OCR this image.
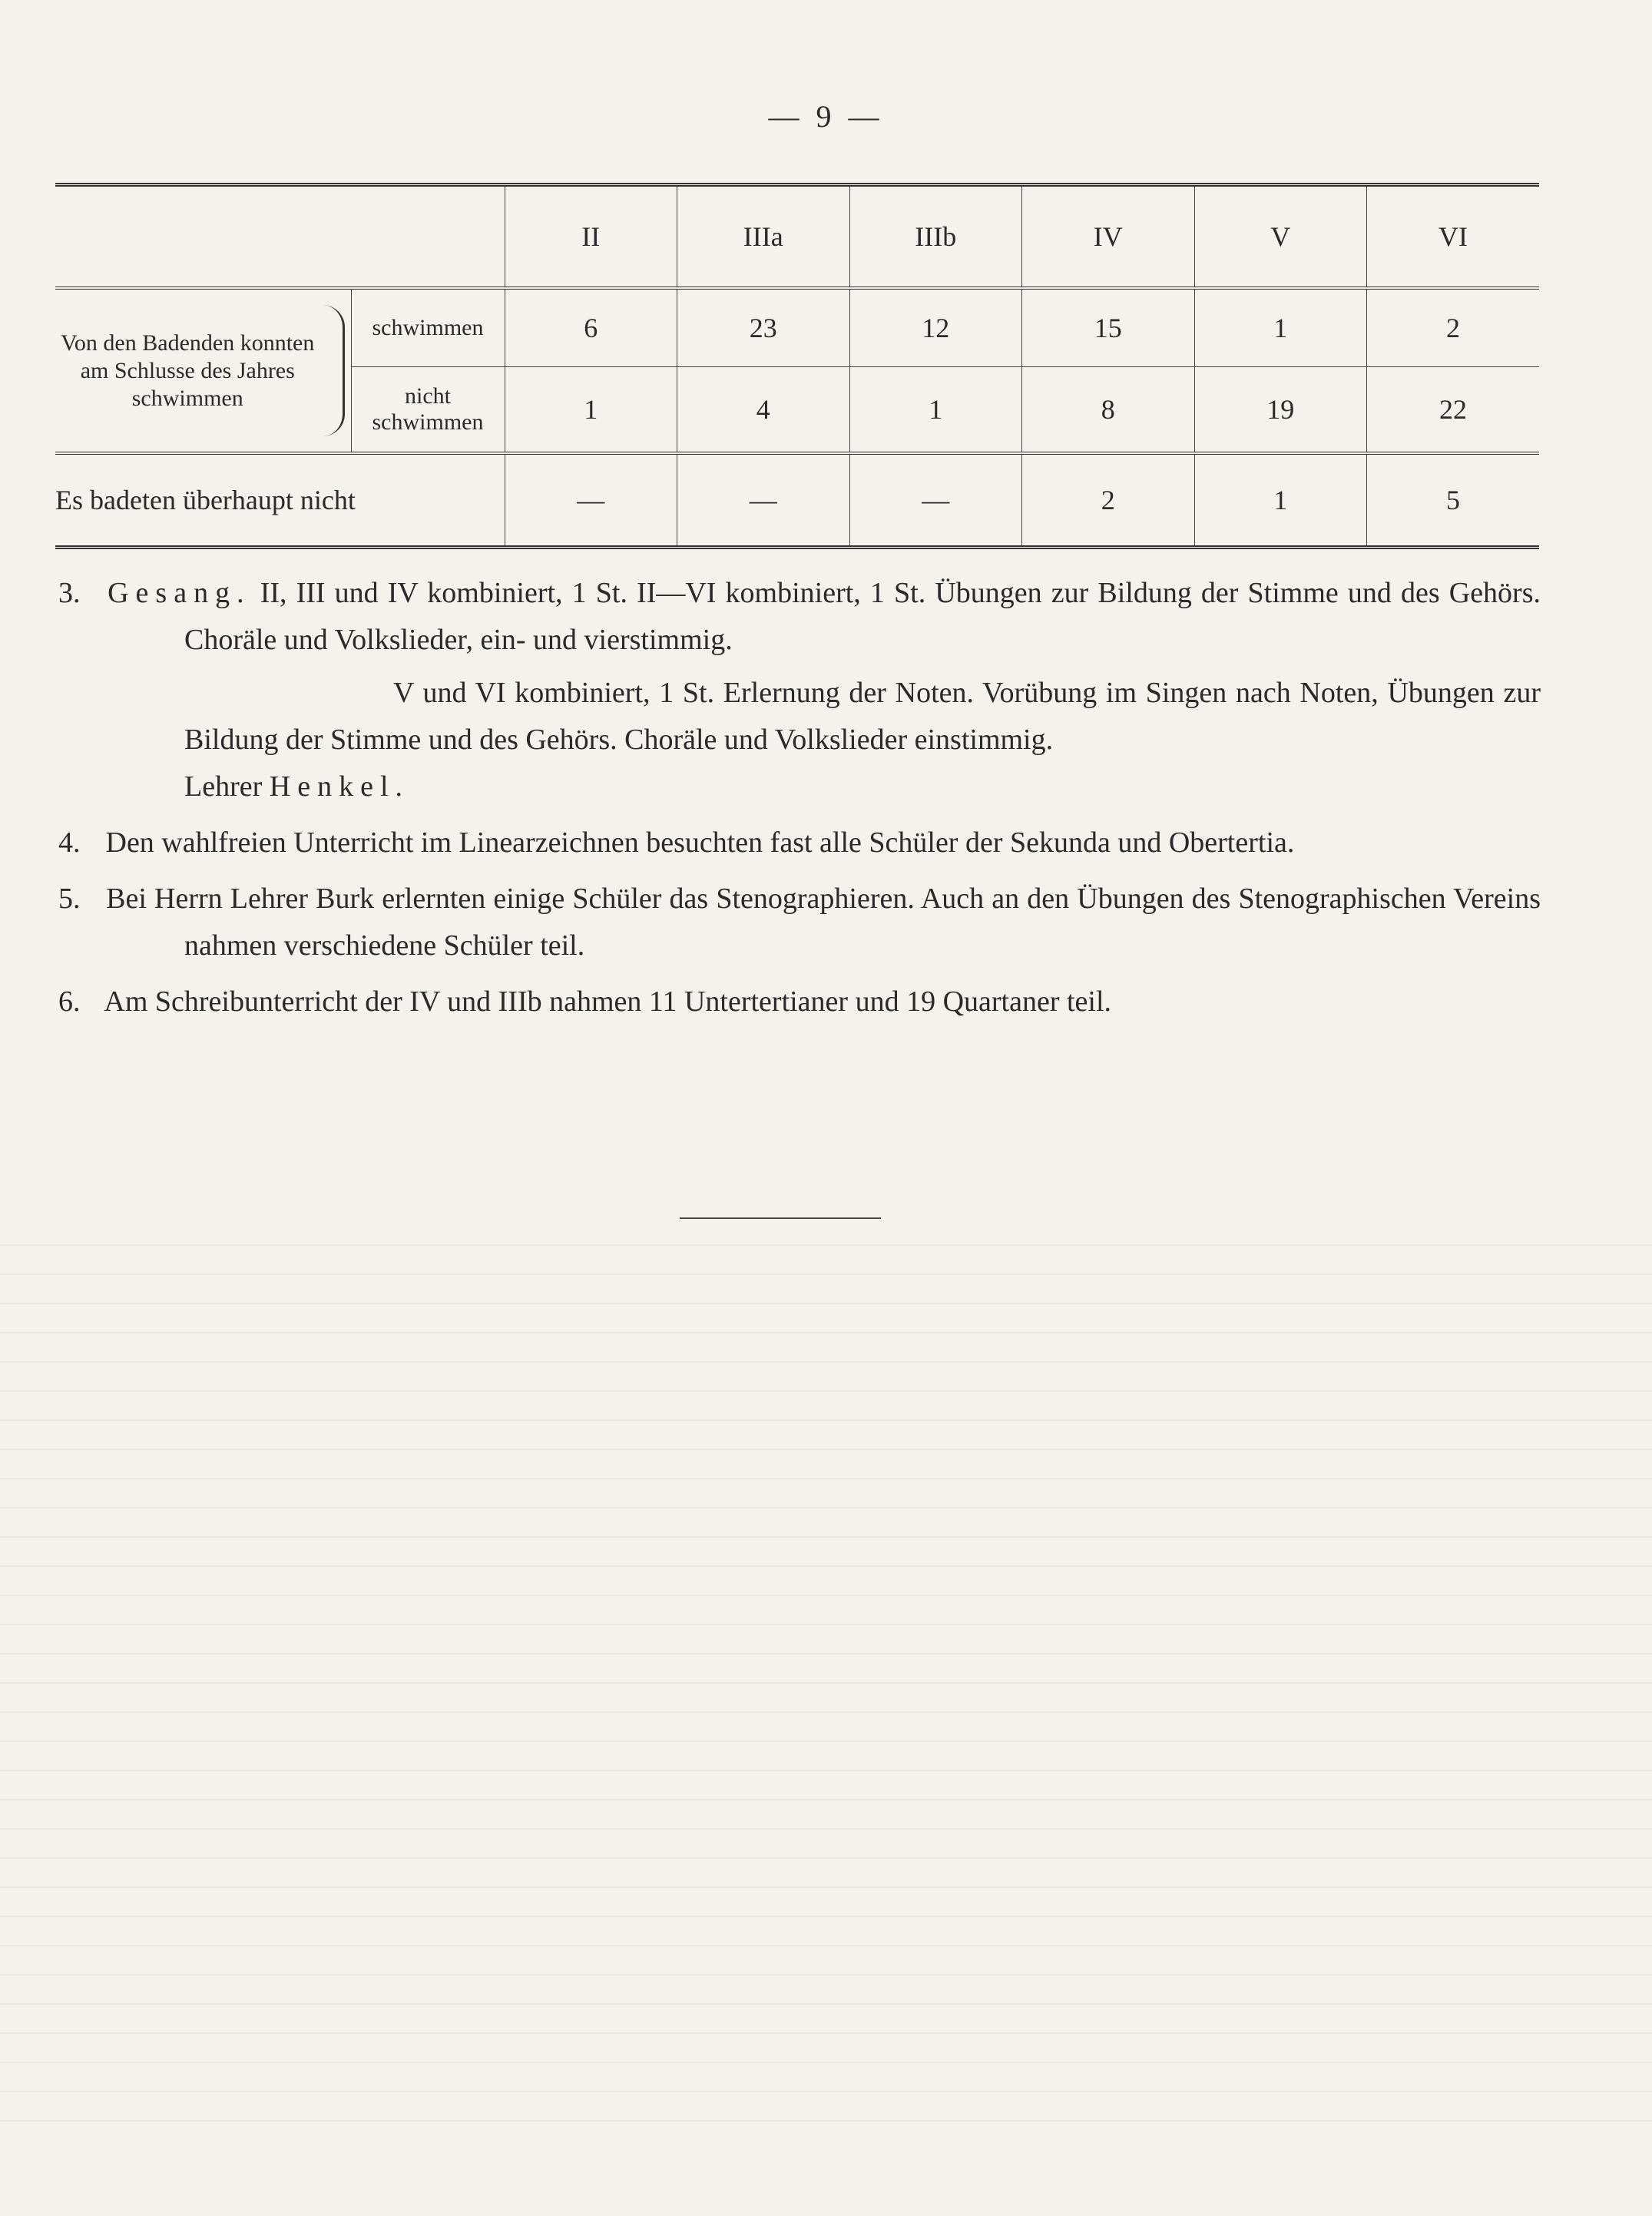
— 9 —
		II	IIIa	IIIb	IV	V	VI
Von den Badenden konnten am Schlusse des Jahres schwimmen	schwimmen	6	23	12	15	1	2
	nicht schwimmen	1	4	1	8	19	22
Es badeten überhaupt nicht		—	—	—	2	1	5

3. Gesang. II, III und IV kombiniert, 1 St. II—VI kombiniert, 1 St. Übungen zur Bildung der Stimme und des Gehörs. Choräle und Volkslieder, ein- und vierstimmig.

V und VI kombiniert, 1 St. Erlernung der Noten. Vorübung im Singen nach Noten, Übungen zur Bildung der Stimme und des Gehörs. Choräle und Volkslieder einstimmig.

Lehrer Henkel.

4. Den wahlfreien Unterricht im Linearzeichnen besuchten fast alle Schüler der Sekunda und Obertertia.

5. Bei Herrn Lehrer Burk erlernten einige Schüler das Stenographieren. Auch an den Übungen des Stenographischen Vereins nahmen verschiedene Schüler teil.

6. Am Schreibunterricht der IV und IIIb nahmen 11 Untertertianer und 19 Quartaner teil.
